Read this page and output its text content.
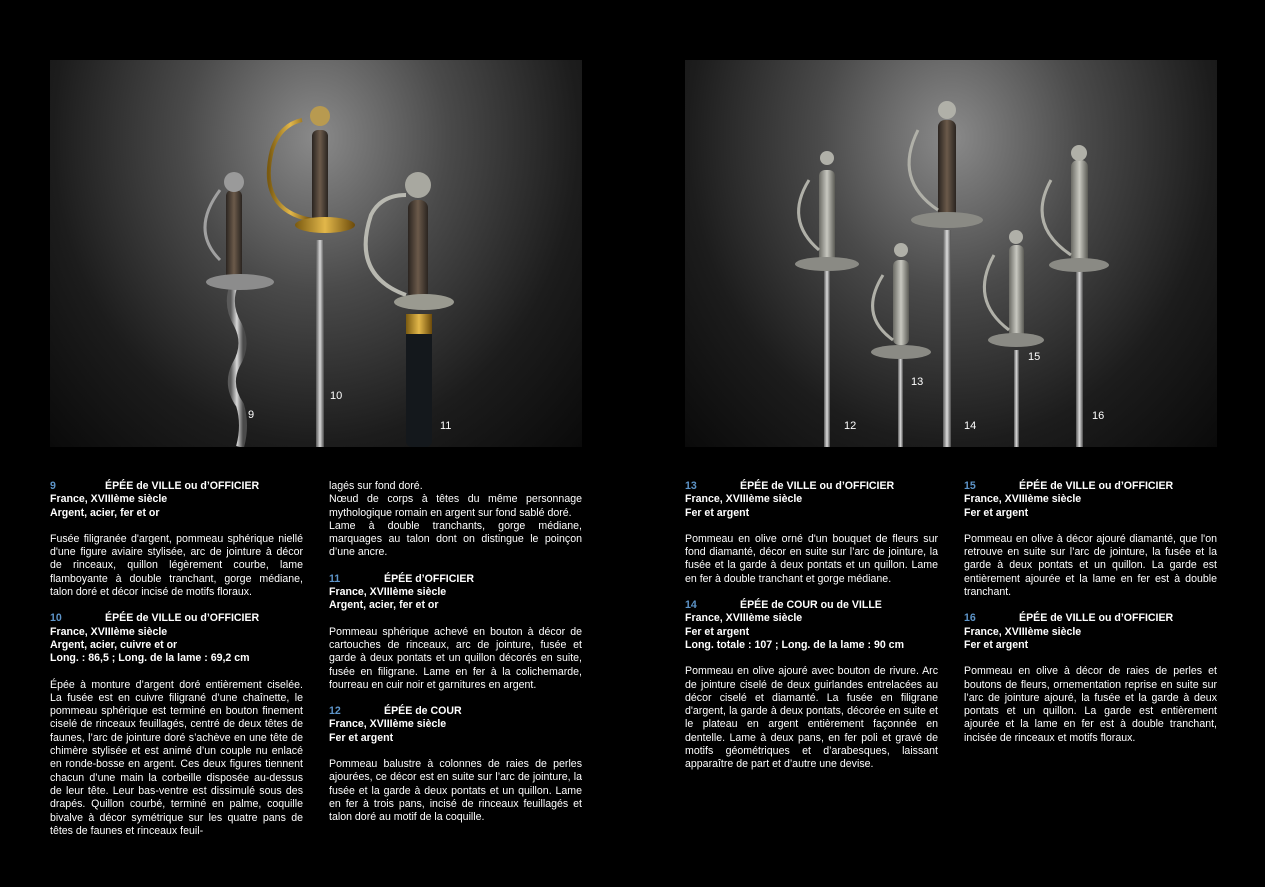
9
10
11	12
13
14
15
16
9	ÉPÉE de VILLE ou d’OFFICIER
France, XVIIIème siècle
Argent, acier, fer et or

Fusée filigranée d'argent, pommeau sphérique niellé d'une figure aviaire stylisée, arc de jointure à décor de rinceaux, quillon légèrement courbe, lame flamboyante à double tranchant, gorge médiane, talon doré et décor incisé de motifs floraux.

10	ÉPÉE de VILLE ou d’OFFICIER
France, XVIIIème siècle
Argent, acier, cuivre et or
Long. : 86,5 ; Long. de la lame : 69,2 cm

Épée à monture d’argent doré entièrement ciselée. La fusée est en cuivre filigrané d’une chaînette, le pommeau sphérique est terminé en bouton finement ciselé de rinceaux feuillagés, centré de deux têtes de faunes, l’arc de jointure doré s’achève en une tête de chimère stylisée et est animé d’un couple nu enlacé en ronde-bosse en argent. Ces deux figures tiennent chacun d’une main la corbeille disposée au-dessus de leur tête. Leur bas-ventre est dissimulé sous des drapés. Quillon courbé, terminé en palme, coquille bivalve à décor symétrique sur les quatre pans de têtes de faunes et rinceaux feuil-

lagés sur fond doré.

Nœud de corps à têtes du même personnage mythologique romain en argent sur fond sablé doré.

Lame à double tranchants, gorge médiane, marquages au talon dont on distingue le poinçon d’une ancre.

11	ÉPÉE d’OFFICIER
France, XVIIIème siècle
Argent, acier, fer et or

Pommeau sphérique achevé en bouton à décor de cartouches de rinceaux, arc de jointure, fusée et garde à deux pontats et un quillon décorés en suite, fusée en filigrane. Lame en fer à la colichemarde, fourreau en cuir noir et garnitures en argent.

12	ÉPÉE de COUR
France, XVIIIème siècle
Fer et argent

Pommeau balustre à colonnes de raies de perles ajourées, ce décor est en suite sur l’arc de jointure, la fusée et la garde à deux pontats et un quillon. Lame en fer à trois pans, incisé de rinceaux feuillagés et talon doré au motif de la coquille.

13	ÉPÉE de VILLE ou d’OFFICIER
France, XVIIIème siècle
Fer et argent

Pommeau en olive orné d'un bouquet de fleurs sur fond diamanté, décor en suite sur l’arc de jointure, la fusée et la garde à deux pontats et un quillon. Lame en fer à double tranchant et gorge médiane.

14	ÉPÉE de COUR ou de VILLE
France, XVIIIème siècle
Fer et argent
Long. totale : 107 ; Long. de la lame : 90 cm

Pommeau en olive ajouré avec bouton de rivure. Arc de jointure ciselé de deux guirlandes entrelacées au décor ciselé et diamanté. La fusée en filigrane d'argent, la garde à deux pontats, décorée en suite et le plateau en argent entièrement façonnée en dentelle. Lame à deux pans, en fer poli et gravé de motifs géométriques et d’arabesques, laissant apparaître de part et d’autre une devise.

15	ÉPÉE de VILLE ou d’OFFICIER
France, XVIIIème siècle
Fer et argent

Pommeau en olive à décor ajouré diamanté, que l'on retrouve en suite sur l’arc de jointure, la fusée et la garde à deux pontats et un quillon. La garde est entièrement ajourée et la lame en fer est à double tranchant.

16	ÉPÉE de VILLE ou d’OFFICIER
France, XVIIIème siècle
Fer et argent

Pommeau en olive à décor de raies de perles et boutons de fleurs, ornementation reprise en suite sur l’arc de jointure ajouré, la fusée et la garde à deux pontats et un quillon. La garde est entièrement ajourée et la lame en fer est à double tranchant, incisée de rinceaux et motifs floraux.
